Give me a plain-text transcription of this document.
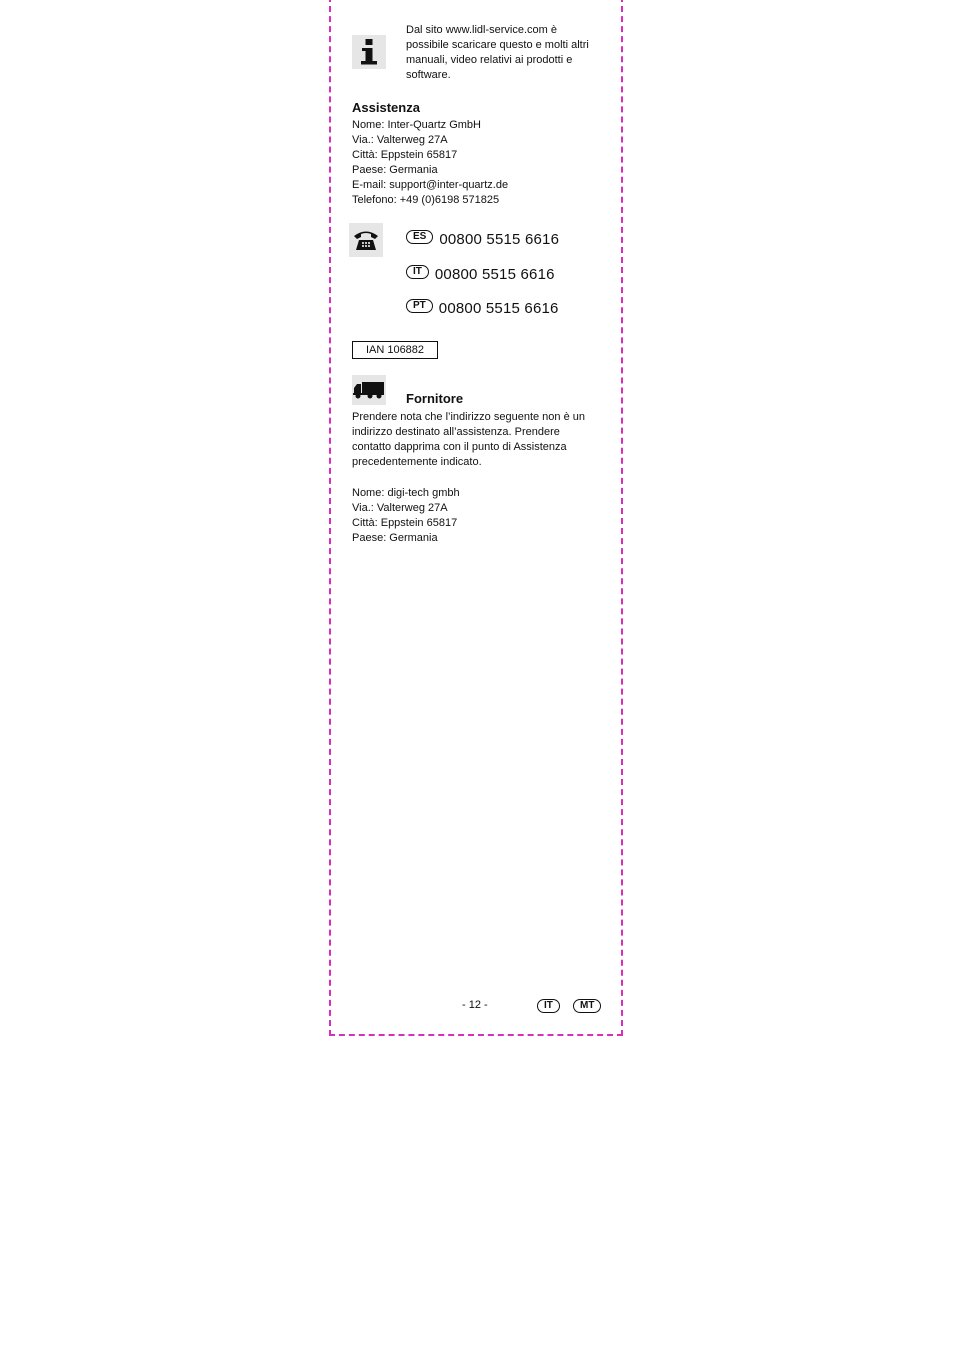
Dal sito www.lidl-service.com è
possibile scaricare questo e molti altri
manuali, video relativi ai prodotti e
software.
Assistenza
Nome: Inter-Quartz GmbH
Via.: Valterweg 27A
Città: Eppstein 65817
Paese: Germania
E-mail: support@inter-quartz.de
Telefono: +49 (0)6198 571825
ES 00800 5515 6616
IT 00800 5515 6616
PT 00800 5515 6616
IAN 106882
Fornitore
Prendere nota che l’indirizzo seguente non è un
indirizzo destinato all’assistenza. Prendere
contatto dapprima con il punto di Assistenza
precedentemente indicato.
Nome: digi-tech gmbh
Via.: Valterweg 27A
Città: Eppstein 65817
Paese: Germania
- 12 -	IT	MT
